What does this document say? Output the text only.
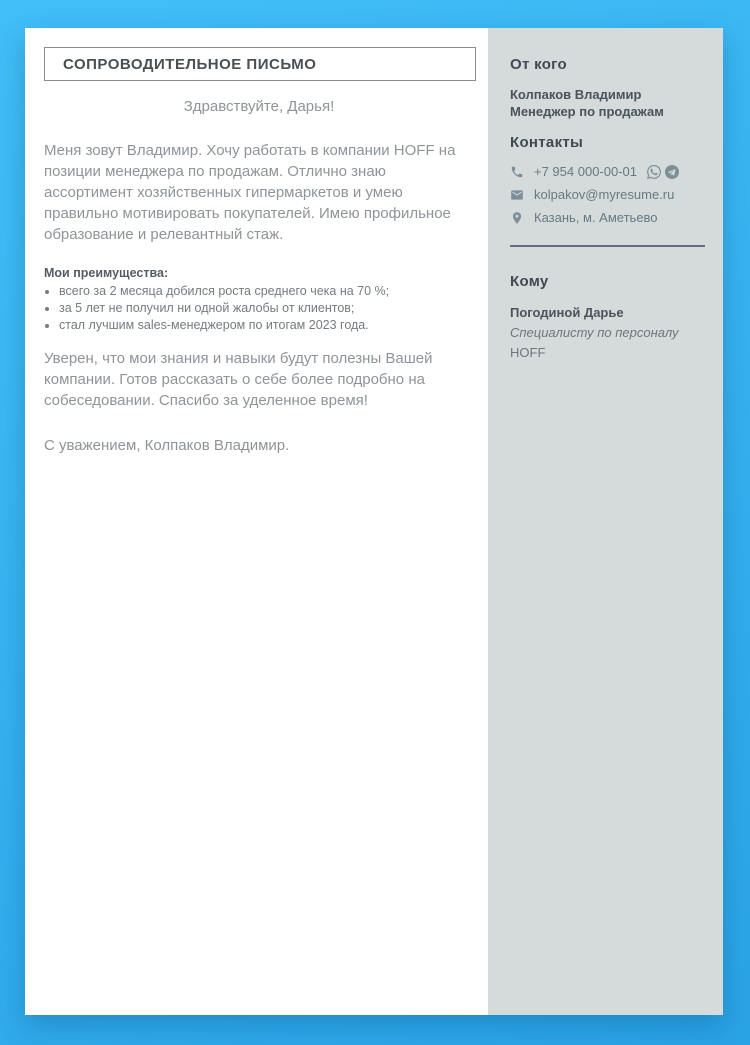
СОПРОВОДИТЕЛЬНОЕ ПИСЬМО

Здравствуйте, Дарья!

Меня зовут Владимир. Хочу работать в компании HOFF на позиции менеджера по продажам. Отлично знаю ассортимент хозяйственных гипермаркетов и умею правильно мотивировать покупателей. Имею профильное образование и релевантный стаж.

Мои преимущества:

• всего за 2 месяца добился роста среднего чека на 70 %;
• за 5 лет не получил ни одной жалобы от клиентов;
• стал лучшим sales-менеджером по итогам 2023 года.

Уверен, что мои знания и навыки будут полезны Вашей компании. Готов рассказать о себе более подробно на собеседовании. Спасибо за уделенное время!

С уважением, Колпаков Владимир.

От кого

Колпаков Владимир

Менеджер по продажам

Контакты
+7 954 000-00-01
kolpakov@myresume.ru
Казань, м. Аметьево
Кому

Погодиной Дарье

Специалисту по персоналу

HOFF
